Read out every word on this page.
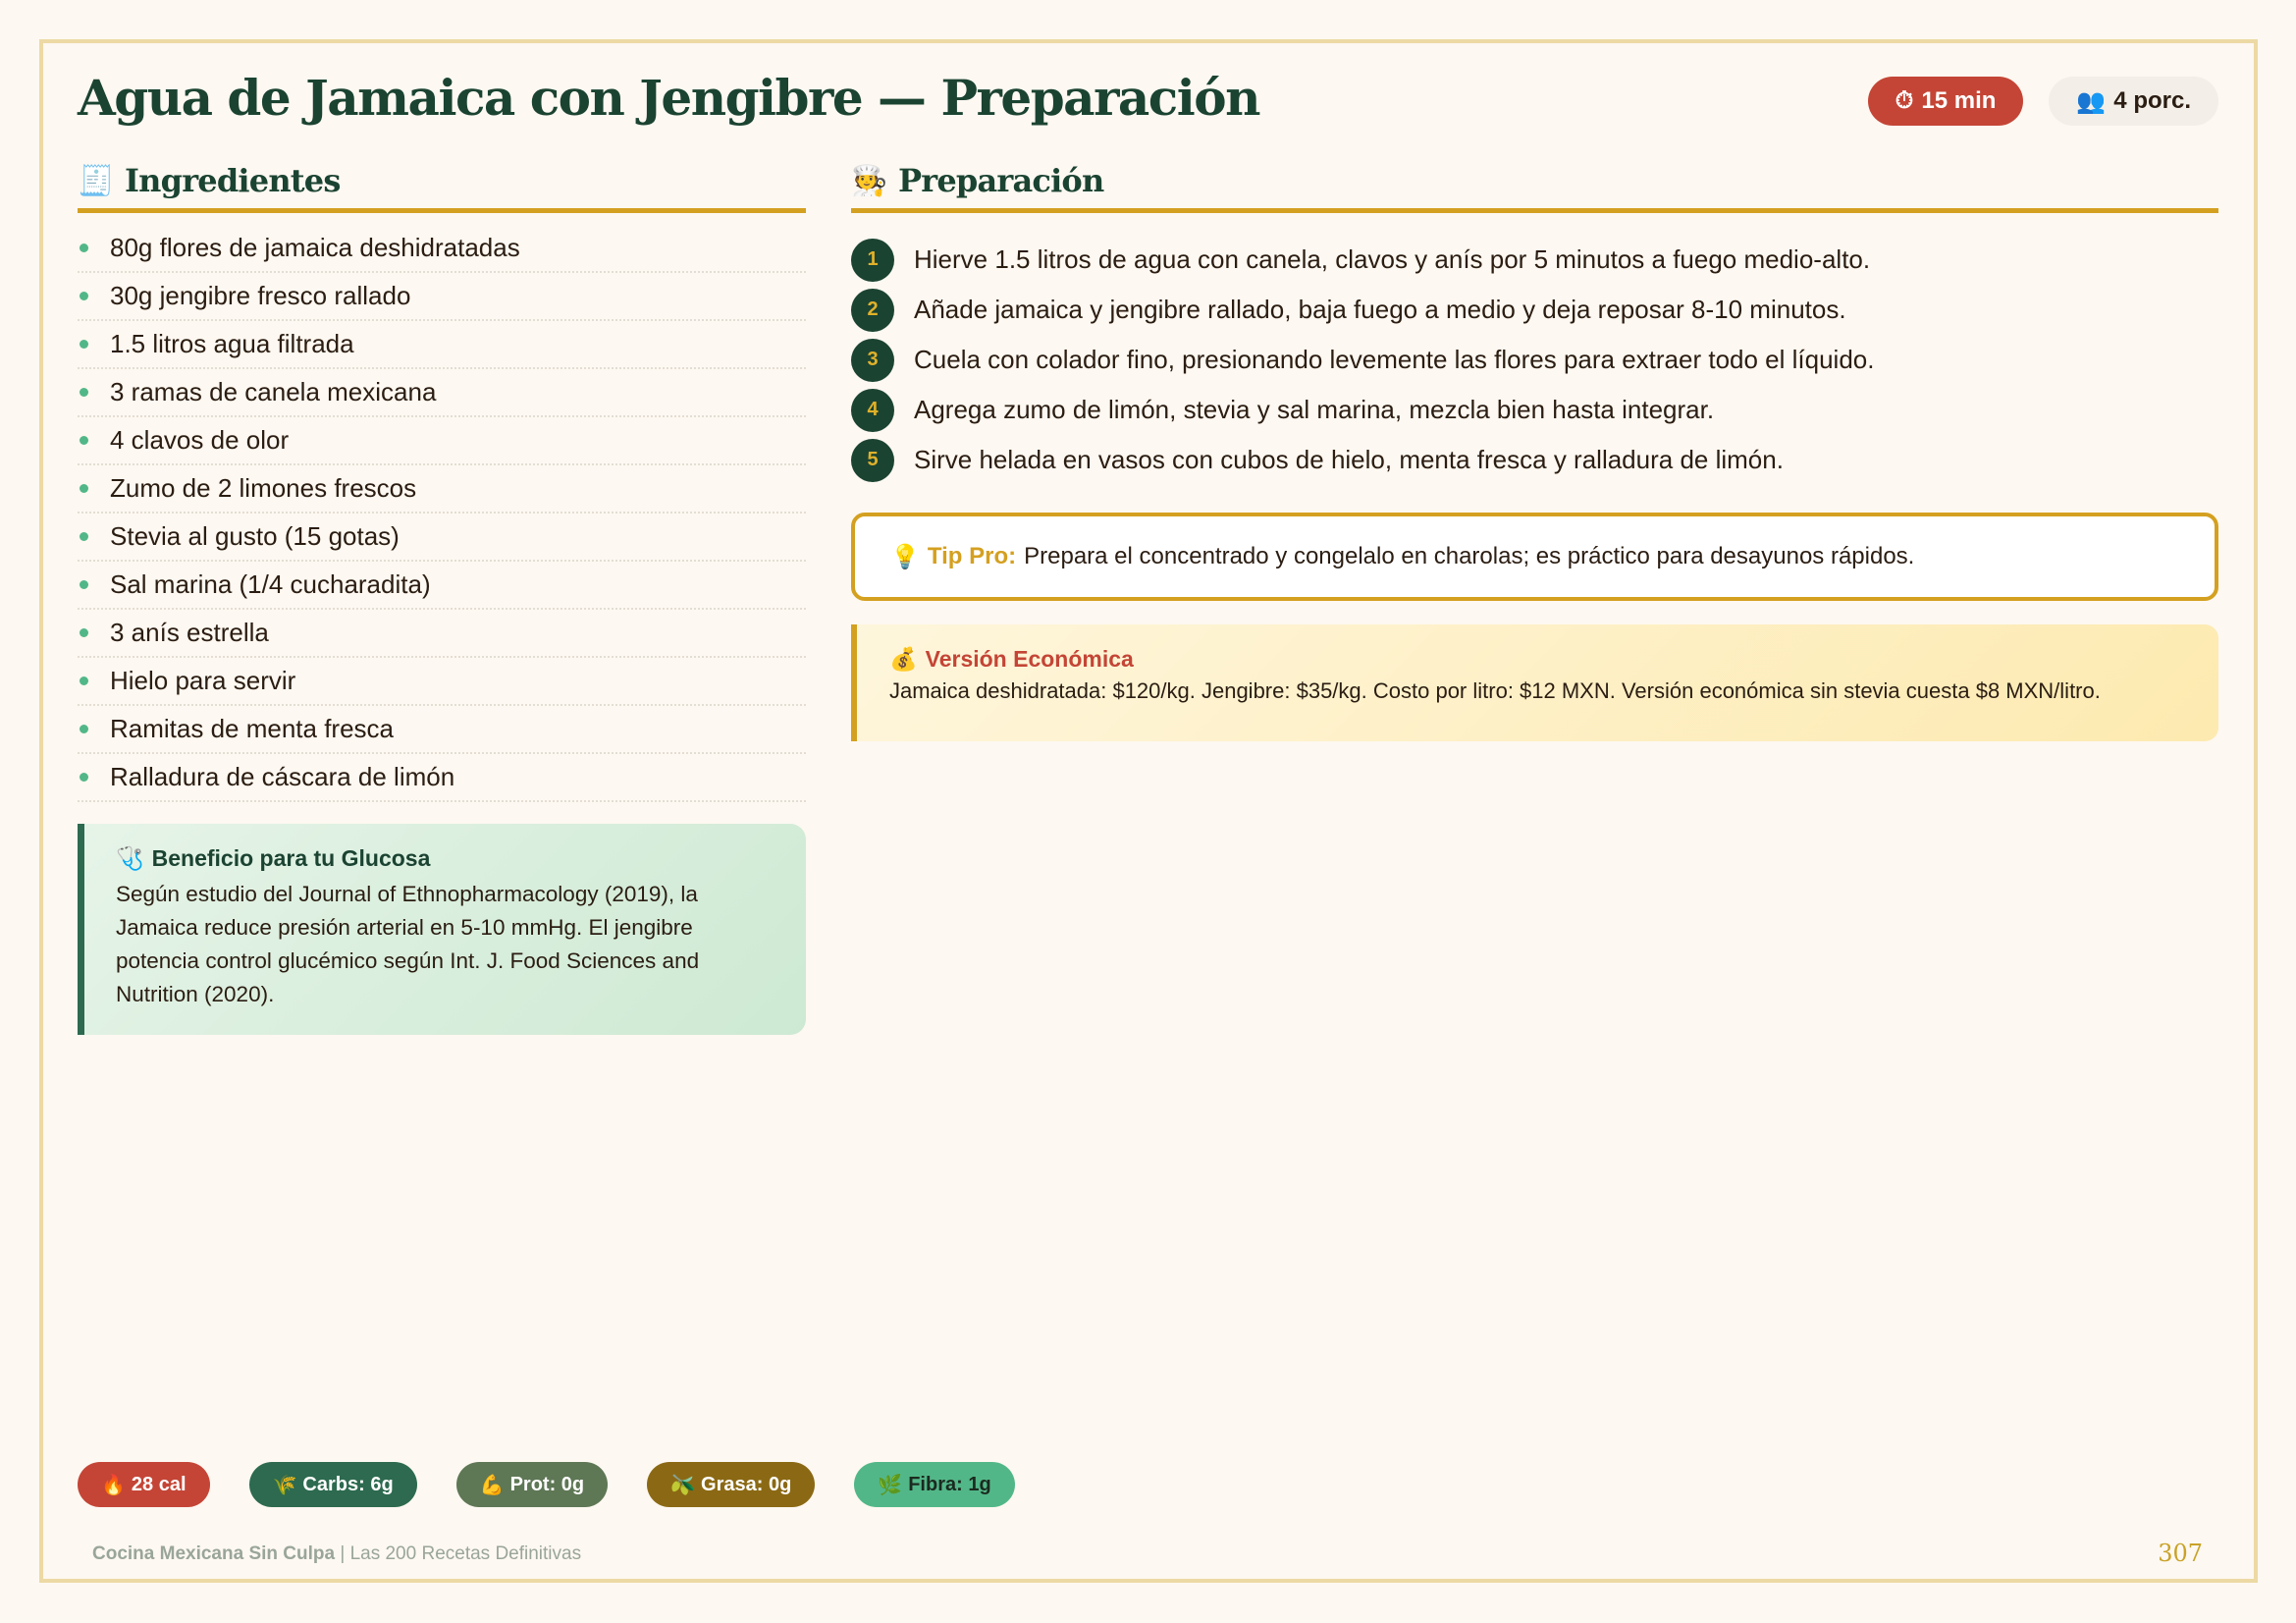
Agua de Jamaica con Jengibre — Preparación	⏱ 15 min	👥 4 porc.
🧾 Ingredientes
80g flores de jamaica deshidratadas
30g jengibre fresco rallado
1.5 litros agua filtrada
3 ramas de canela mexicana
4 clavos de olor
Zumo de 2 limones frescos
Stevia al gusto (15 gotas)
Sal marina (1/4 cucharadita)
3 anís estrella
Hielo para servir
Ramitas de menta fresca
Ralladura de cáscara de limón
🩺 Beneficio para tu Glucosa
Según estudio del Journal of Ethnopharmacology (2019), la Jamaica reduce presión arterial en 5-10 mmHg. El jengibre potencia control glucémico según Int. J. Food Sciences and Nutrition (2020).
🧑‍🍳 Preparación
1	Hierve 1.5 litros de agua con canela, clavos y anís por 5 minutos a fuego medio-alto.
2	Añade jamaica y jengibre rallado, baja fuego a medio y deja reposar 8-10 minutos.
3	Cuela con colador fino, presionando levemente las flores para extraer todo el líquido.
4	Agrega zumo de limón, stevia y sal marina, mezcla bien hasta integrar.
5	Sirve helada en vasos con cubos de hielo, menta fresca y ralladura de limón.
💡 Tip Pro: Prepara el concentrado y congelalo en charolas; es práctico para desayunos rápidos.
💰 Versión Económica
Jamaica deshidratada: $120/kg. Jengibre: $35/kg. Costo por litro: $12 MXN. Versión económica sin stevia cuesta $8 MXN/litro.
🔥 28 cal	🌾 Carbs: 6g	💪 Prot: 0g	🫒 Grasa: 0g	🌿 Fibra: 1g
Cocina Mexicana Sin Culpa | Las 200 Recetas Definitivas	307
